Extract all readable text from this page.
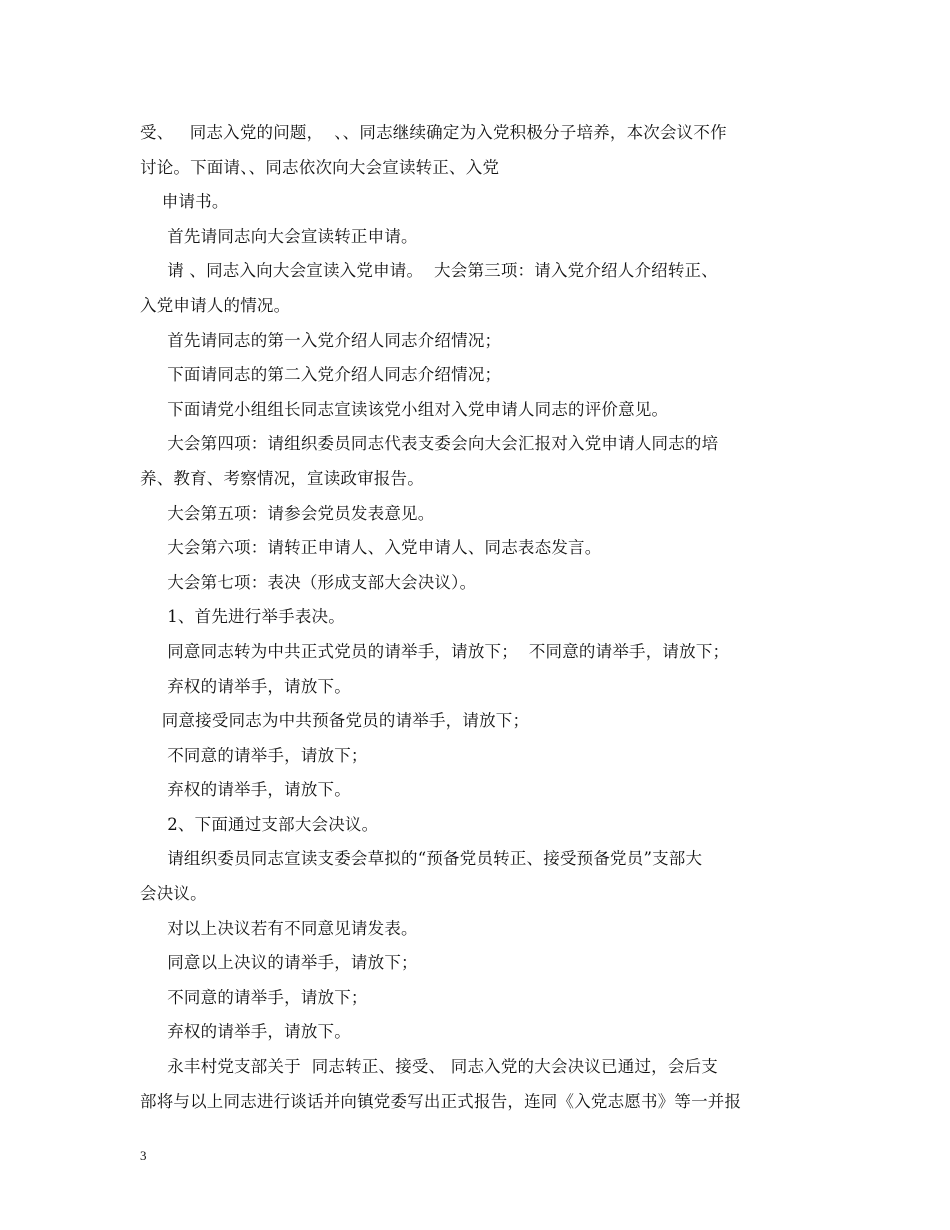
受、   同志入党的问题，  、、同志继续确定为入党积极分子培养，本次会议不作
讨论。下面请、、同志依次向大会宣读转正、入党
申请书。
首先请同志向大会宣读转正申请。
请 、同志入向大会宣读入党申请。  大会第三项：请入党介绍人介绍转正、
入党申请人的情况。
首先请同志的第一入党介绍人同志介绍情况；
下面请同志的第二入党介绍人同志介绍情况；
下面请党小组组长同志宣读该党小组对入党申请人同志的评价意见。
大会第四项：请组织委员同志代表支委会向大会汇报对入党申请人同志的培
养、教育、考察情况，宣读政审报告。
大会第五项：请参会党员发表意见。
大会第六项：请转正申请人、入党申请人、同志表态发言。
大会第七项：表决（形成支部大会决议）。
1、首先进行举手表决。
同意同志转为中共正式党员的请举手，请放下；  不同意的请举手，请放下；
弃权的请举手，请放下。
同意接受同志为中共预备党员的请举手，请放下；
不同意的请举手，请放下；
弃权的请举手，请放下。
2、下面通过支部大会决议。
请组织委员同志宣读支委会草拟的“预备党员转正、接受预备党员”支部大
会决议。
对以上决议若有不同意见请发表。
同意以上决议的请举手，请放下；
不同意的请举手，请放下；
弃权的请举手，请放下。
永丰村党支部关于  同志转正、接受、 同志入党的大会决议已通过，会后支
部将与以上同志进行谈话并向镇党委写出正式报告，连同《入党志愿书》等一并报
3
